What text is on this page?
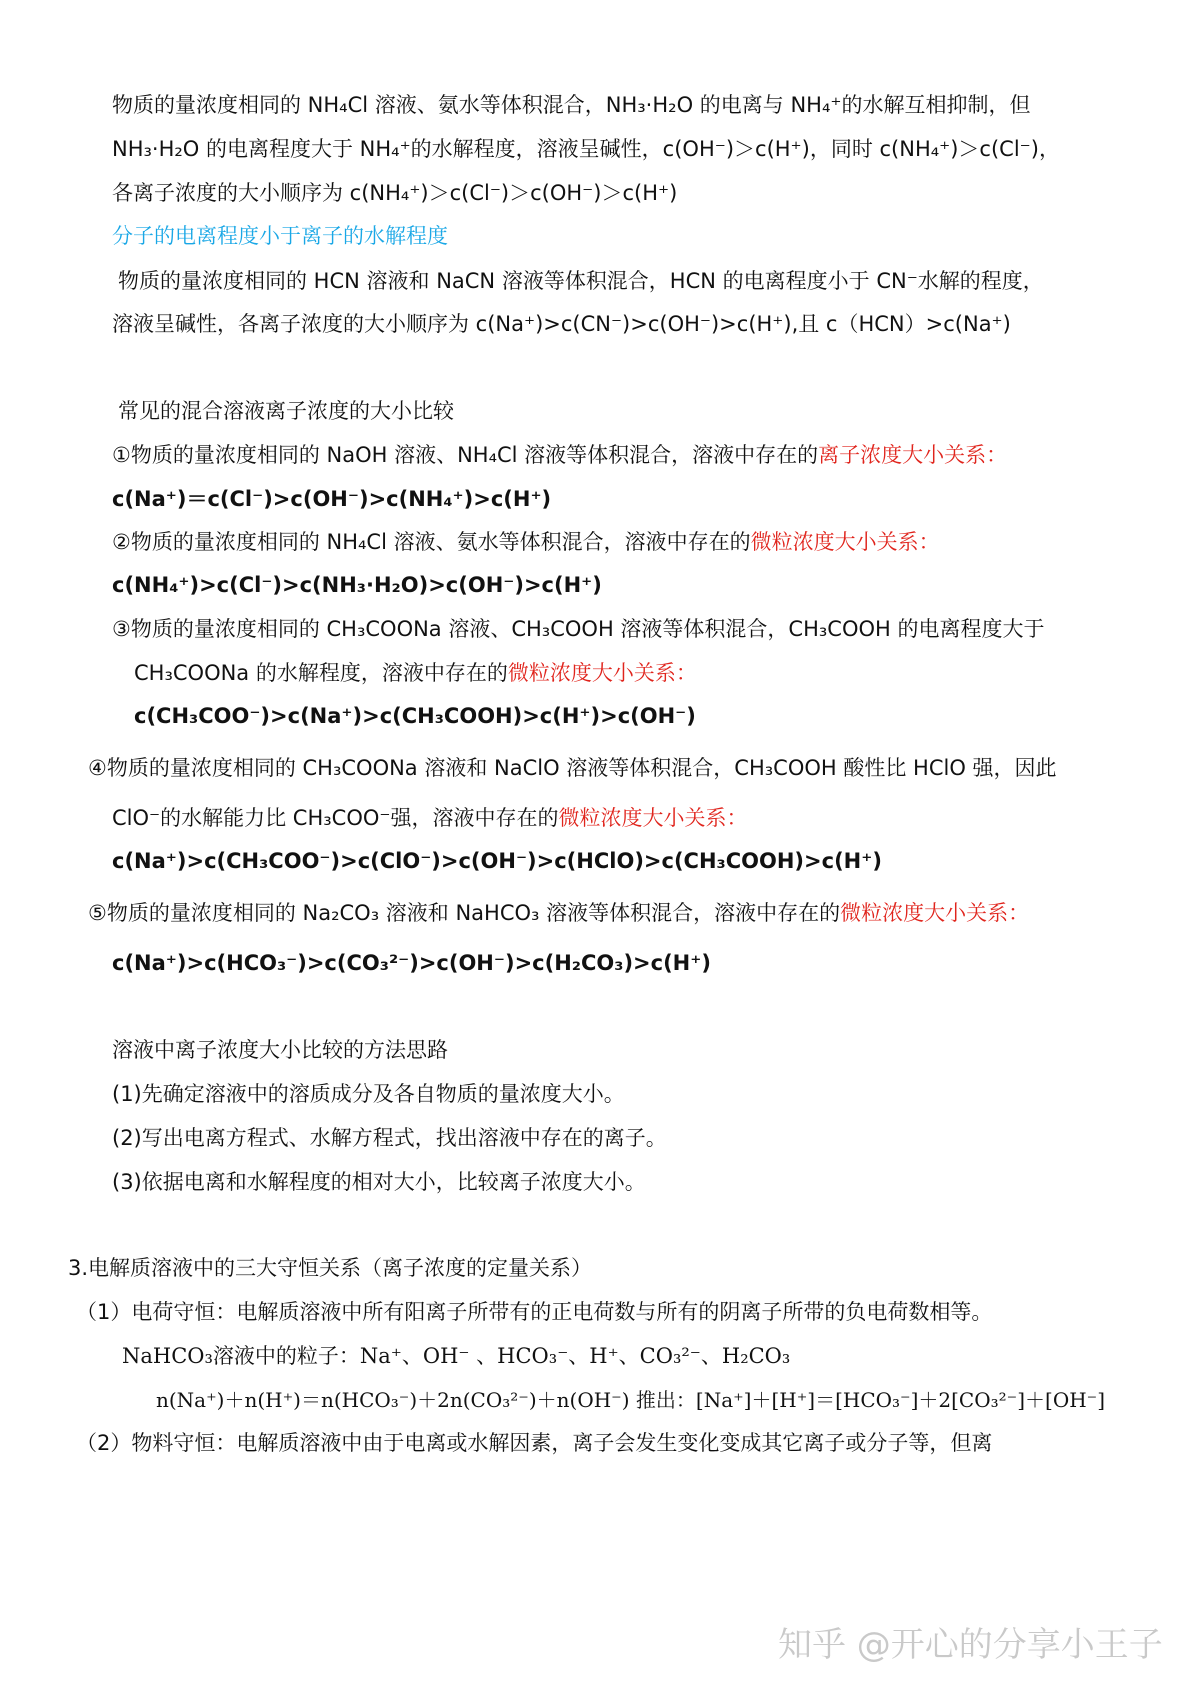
物质的量浓度相同的 NH₄Cl 溶液、氨水等体积混合，NH₃·H₂O 的电离与 NH₄⁺的水解互相抑制，但
NH₃·H₂O 的电离程度大于 NH₄⁺的水解程度，溶液呈碱性，c(OH⁻)＞c(H⁺)，同时 c(NH₄⁺)＞c(Cl⁻)，
各离子浓度的大小顺序为 c(NH₄⁺)＞c(Cl⁻)＞c(OH⁻)＞c(H⁺)
分子的电离程度小于离子的水解程度
物质的量浓度相同的 HCN 溶液和 NaCN 溶液等体积混合，HCN 的电离程度小于 CN⁻水解的程度，
溶液呈碱性，各离子浓度的大小顺序为 c(Na⁺)>c(CN⁻)>c(OH⁻)>c(H⁺),且 c（HCN）>c(Na⁺)
常见的混合溶液离子浓度的大小比较
①物质的量浓度相同的 NaOH 溶液、NH₄Cl 溶液等体积混合，溶液中存在的离子浓度大小关系：
c(Na⁺)＝c(Cl⁻)>c(OH⁻)>c(NH₄⁺)>c(H⁺)
②物质的量浓度相同的 NH₄Cl 溶液、氨水等体积混合，溶液中存在的微粒浓度大小关系：
c(NH₄⁺)>c(Cl⁻)>c(NH₃·H₂O)>c(OH⁻)>c(H⁺)
③物质的量浓度相同的 CH₃COONa 溶液、CH₃COOH 溶液等体积混合，CH₃COOH 的电离程度大于
CH₃COONa 的水解程度，溶液中存在的微粒浓度大小关系：
c(CH₃COO⁻)>c(Na⁺)>c(CH₃COOH)>c(H⁺)>c(OH⁻)
④物质的量浓度相同的 CH₃COONa 溶液和 NaClO 溶液等体积混合，CH₃COOH 酸性比 HClO 强，因此
ClO⁻的水解能力比 CH₃COO⁻强，溶液中存在的微粒浓度大小关系：
c(Na⁺)>c(CH₃COO⁻)>c(ClO⁻)>c(OH⁻)>c(HClO)>c(CH₃COOH)>c(H⁺)
⑤物质的量浓度相同的 Na₂CO₃ 溶液和 NaHCO₃ 溶液等体积混合，溶液中存在的微粒浓度大小关系：
c(Na⁺)>c(HCO₃⁻)>c(CO₃²⁻)>c(OH⁻)>c(H₂CO₃)>c(H⁺)
溶液中离子浓度大小比较的方法思路
(1)先确定溶液中的溶质成分及各自物质的量浓度大小。
(2)写出电离方程式、水解方程式，找出溶液中存在的离子。
(3)依据电离和水解程度的相对大小，比较离子浓度大小。
3.电解质溶液中的三大守恒关系（离子浓度的定量关系）
（1）电荷守恒：电解质溶液中所有阳离子所带有的正电荷数与所有的阴离子所带的负电荷数相等。
NaHCO₃溶液中的粒子：Na⁺、OH⁻ 、HCO₃⁻、H⁺、CO₃²⁻、H₂CO₃
n(Na⁺)＋n(H⁺)＝n(HCO₃⁻)＋2n(CO₃²⁻)＋n(OH⁻) 推出：[Na⁺]＋[H⁺]＝[HCO₃⁻]＋2[CO₃²⁻]＋[OH⁻]
（2）物料守恒：电解质溶液中由于电离或水解因素，离子会发生变化变成其它离子或分子等，但离
知乎 @开心的分享小王子
